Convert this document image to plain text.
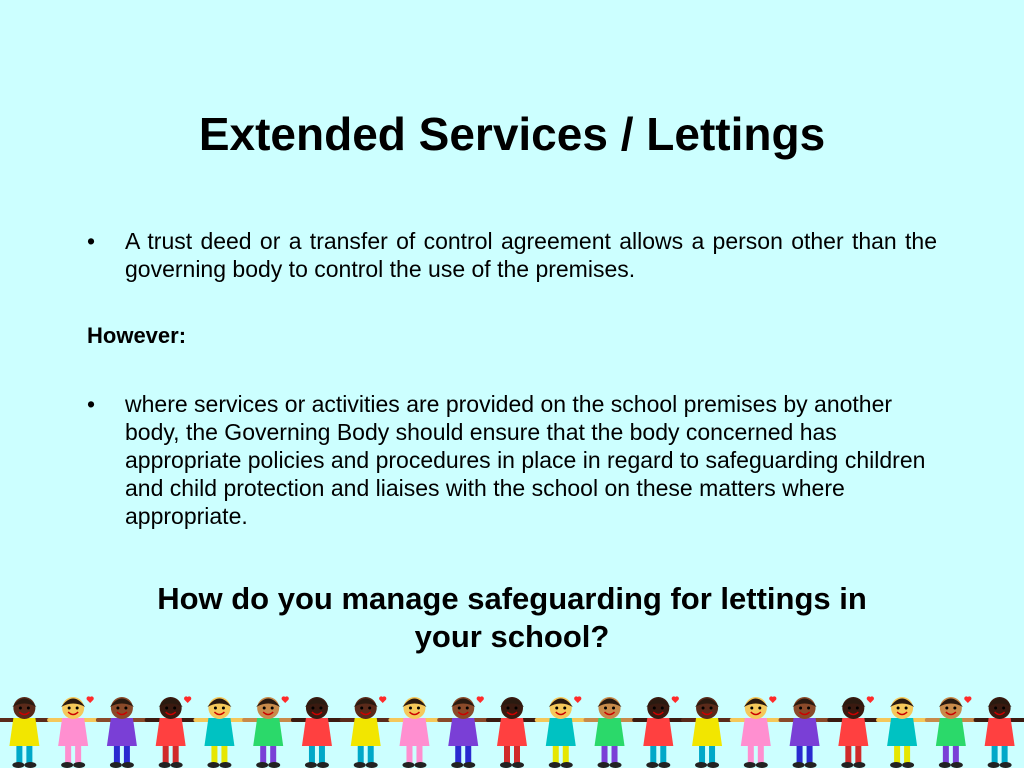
Extended Services / Lettings
•	A trust deed or a transfer of control agreement allows a person other than the governing body to control the use of the premises.
However:
•	where services or activities are provided on the school premises by another body, the Governing Body should ensure that the body concerned has appropriate policies and procedures in place in regard to safeguarding children and child protection and liaises with the school on these matters where appropriate.
How do you manage safeguarding for lettings in
your school?
